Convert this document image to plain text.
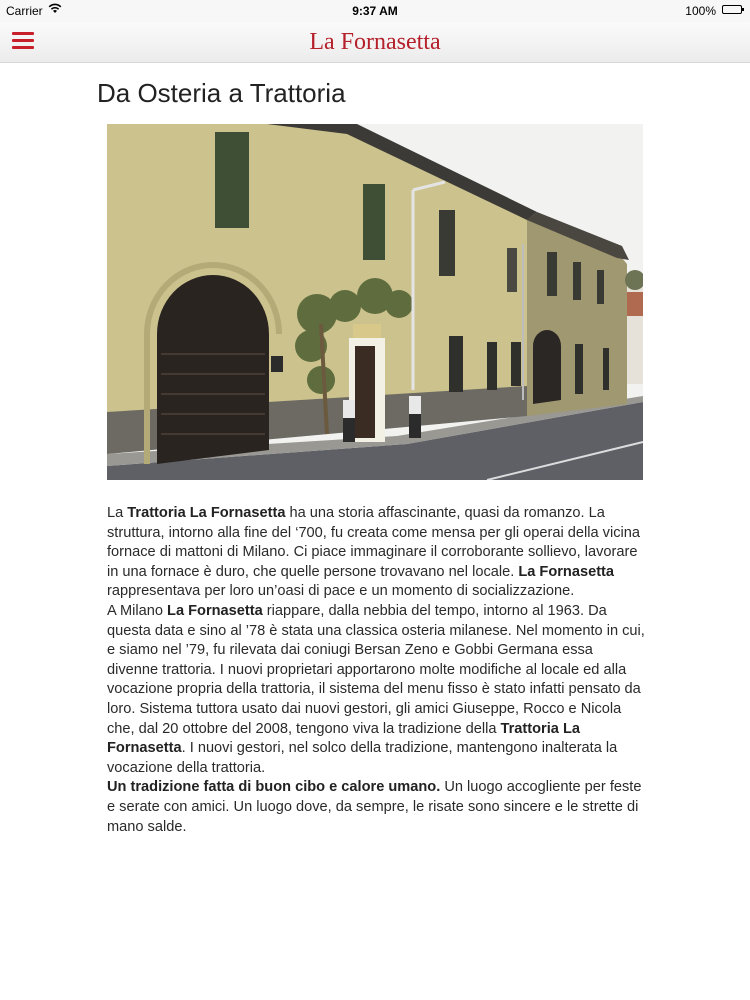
Carrier	9:37 AM	100%
La Fornasetta
Da Osteria a Trattoria

La Trattoria La Fornasetta ha una storia affascinante, quasi da romanzo. La struttura, intorno alla fine del ‘700, fu creata come mensa per gli operai della vicina fornace di mattoni di Milano. Ci piace immaginare il corroborante sollievo, lavorare in una fornace è duro, che quelle persone trovavano nel locale. La Fornasetta rappresentava per loro un’oasi di pace e un momento di socializzazione.

A Milano La Fornasetta riappare, dalla nebbia del tempo, intorno al 1963. Da questa data e sino al ’78 è stata una classica osteria milanese. Nel momento in cui, e siamo nel ’79, fu rilevata dai coniugi Bersan Zeno e Gobbi Germana essa divenne trattoria. I nuovi proprietari apportarono molte modifiche al locale ed alla vocazione propria della trattoria, il sistema del menu fisso è stato infatti pensato da loro. Sistema tuttora usato dai nuovi gestori, gli amici Giuseppe, Rocco e Nicola che, dal 20 ottobre del 2008, tengono viva la tradizione della Trattoria La Fornasetta. I nuovi gestori, nel solco della tradizione, mantengono inalterata la vocazione della trattoria.

Un tradizione fatta di buon cibo e calore umano. Un luogo accogliente per feste e serate con amici. Un luogo dove, da sempre, le risate sono sincere e le strette di mano salde.
